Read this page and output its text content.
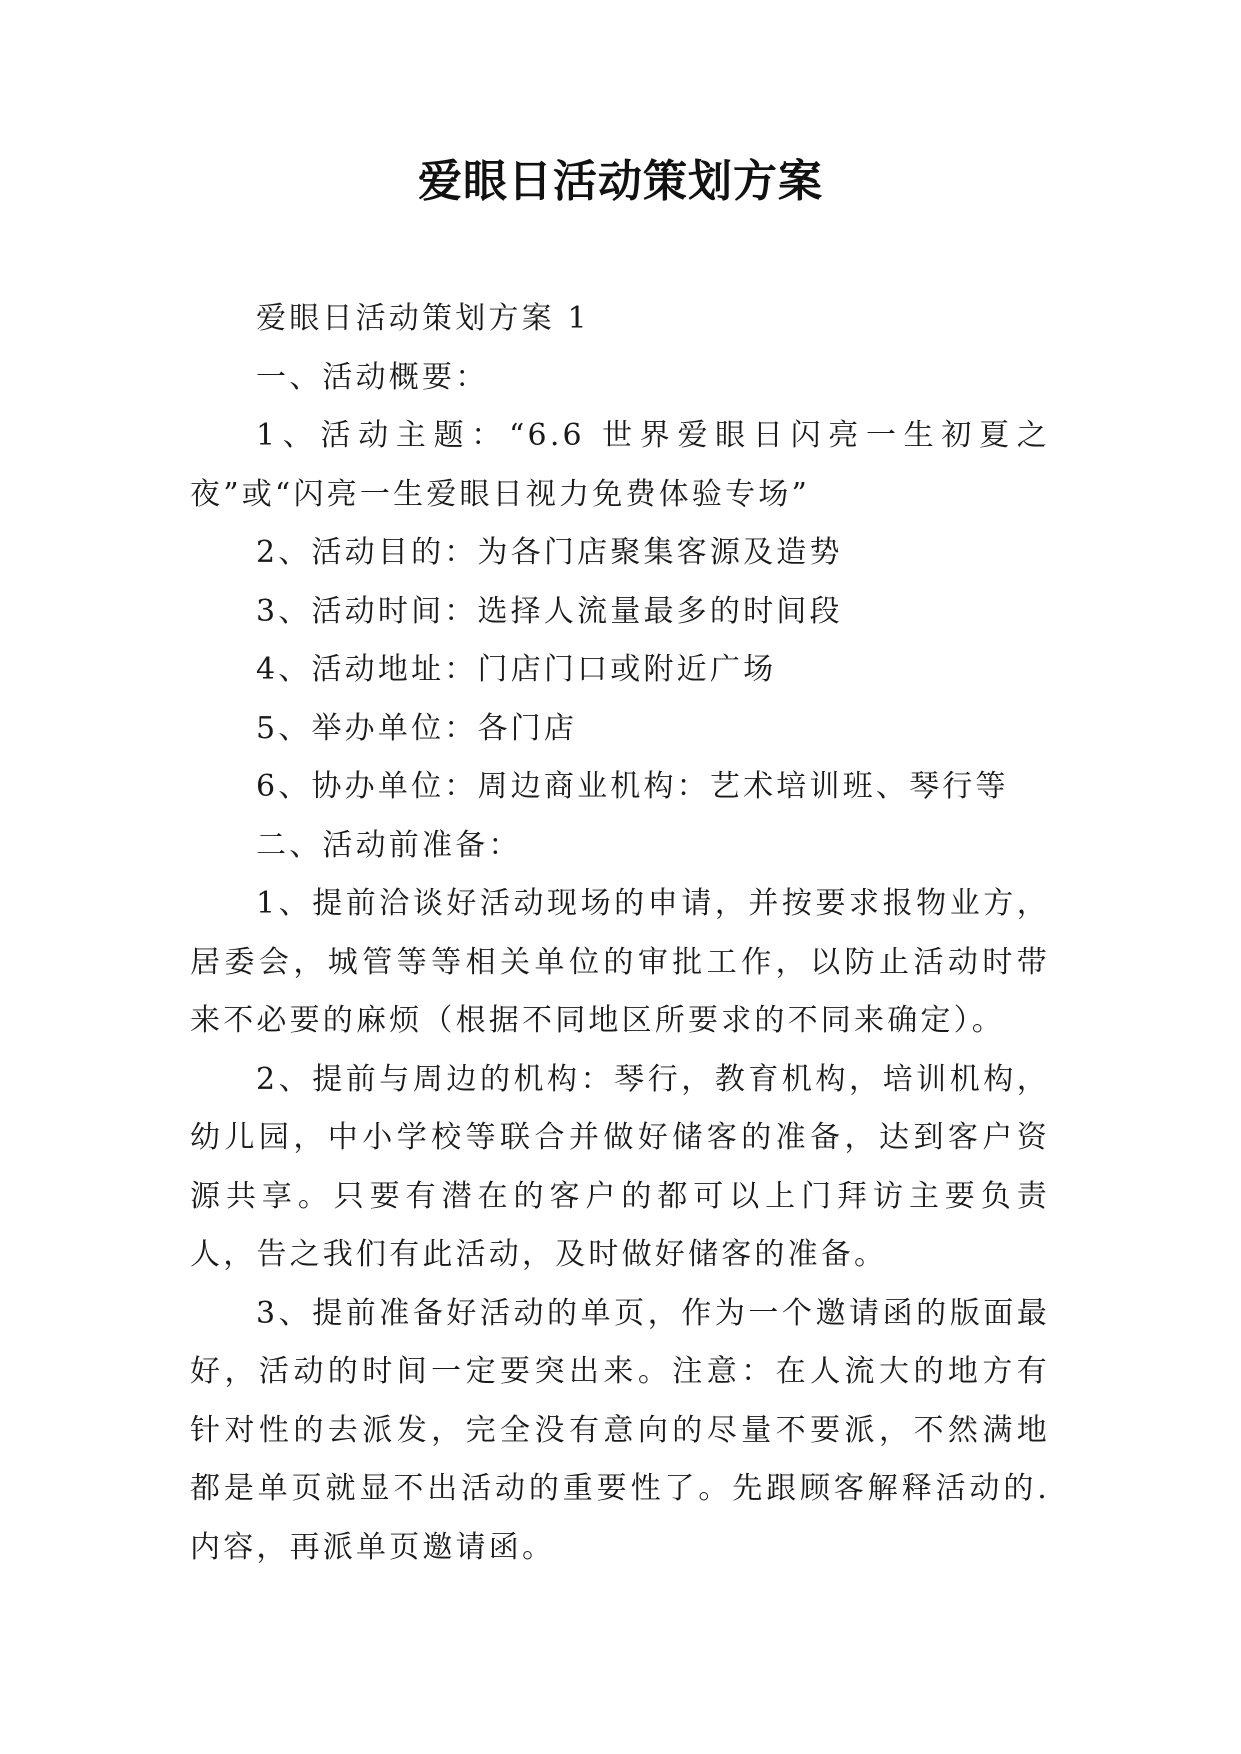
爱眼日活动策划方案

爱眼日活动策划方案 1

一、活动概要：

1、活动主题：“6.6 世界爱眼日闪亮一生初夏之夜”或“闪亮一生爱眼日视力免费体验专场”

2、活动目的：为各门店聚集客源及造势

3、活动时间：选择人流量最多的时间段

4、活动地址：门店门口或附近广场

5、举办单位：各门店

6、协办单位：周边商业机构：艺术培训班、琴行等

二、活动前准备：

1、提前洽谈好活动现场的申请，并按要求报物业方，居委会，城管等等相关单位的审批工作，以防止活动时带来不必要的麻烦（根据不同地区所要求的不同来确定）。

2、提前与周边的机构：琴行，教育机构，培训机构，幼儿园，中小学校等联合并做好储客的准备，达到客户资源共享。只要有潜在的客户的都可以上门拜访主要负责人，告之我们有此活动，及时做好储客的准备。

3、提前准备好活动的单页，作为一个邀请函的版面最好，活动的时间一定要突出来。注意：在人流大的地方有针对性的去派发，完全没有意向的尽量不要派，不然满地都是单页就显不出活动的重要性了。先跟顾客解释活动的.内容，再派单页邀请函。
